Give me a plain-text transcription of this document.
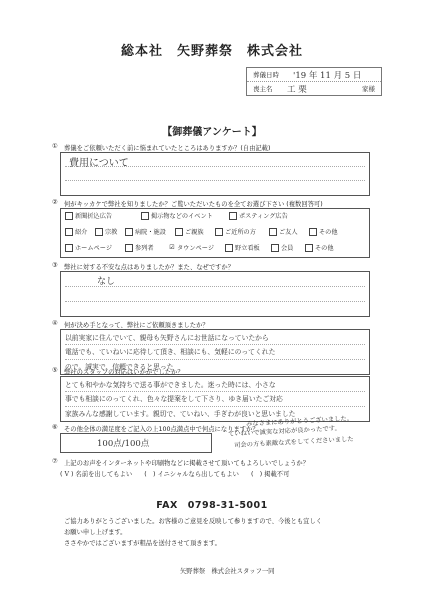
総本社　矢野葬祭　株式会社
葬儀日時	'19 年 11 月 5 日
喪主名	工 栗	家様
【御葬儀アンケート】
① 葬儀をご依頼いただく前に悩まれていたところはありますか？(自由記載)
費用について
② 何がキッカケで弊社を知りましたか？ご覧いただいたものを全てお選び下さい (複数回答可)
新聞折込広告	掲示物などのイベント	ポスティング広告
紹介	宗教	病院・施設	ご親族	ご近所の方	ご友人	その他
ホームページ	参列者	☑ タウンページ	野立看板	会員	その他
③ 弊社に対する不安な点はありましたか？また、なぜですか？
なし
④ 何が決め手となって、弊社にご依頼頂きましたか？
以前実家に住んでいて、親母も矢野さんにお世話になっていたから
電話でも、ていねいに応待して頂き、相談にも、気軽にのってくれた
ので。誠実で、信頼できると思った
⑤ 弊社のスタッフの対応はいかがでしたか？
とても和やかな気持ちで送る事ができました。迷った時には、小さな
事でも相談にのってくれ、色々な提案をして下さり、ゆき届いたご対応
家族みんな感謝しています。親切で、ていねい、手ぎわが良いと思いました
⑥ その他全体の満足度をご記入の上100点満点中で何点になりますか？
100点/100点
みなさまにありがとうございました。
ていねいで誠実な対応が良かったです。
司会の方も素敵な式をしてくださいました
⑦ 上記のお声をインターネットや印刷物などに掲載させて頂いてもよろしいでしょうか？
( V ) 名前を出してもよい (　 ) イニシャルなら出してもよい (　 ) 掲載不可
FAX　0798-31-5001
ご協力ありがとうございました。お客様のご意見を反映して参りますので、今後とも宜しく
お願い申し上げます。
ささやかではございますが粗品を送付させて頂きます。
矢野葬祭　株式会社スタッフ一同
